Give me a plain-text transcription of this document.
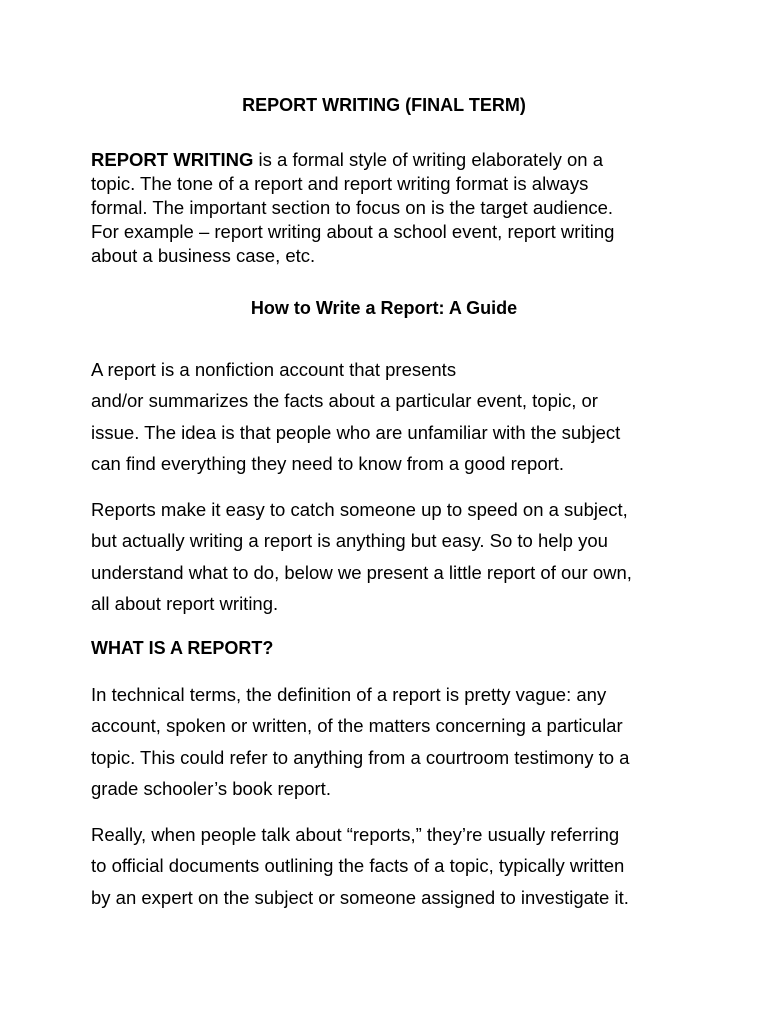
REPORT WRITING (FINAL TERM)
REPORT WRITING is a formal style of writing elaborately on a
topic. The tone of a report and report writing format is always
formal. The important section to focus on is the target audience.
For example – report writing about a school event, report writing
about a business case, etc.
How to Write a Report: A Guide
A report is a nonfiction account that presents
and/or summarizes the facts about a particular event, topic, or
issue. The idea is that people who are unfamiliar with the subject
can find everything they need to know from a good report.
Reports make it easy to catch someone up to speed on a subject,
but actually writing a report is anything but easy. So to help you
understand what to do, below we present a little report of our own,
all about report writing.
WHAT IS A REPORT?
In technical terms, the definition of a report is pretty vague: any
account, spoken or written, of the matters concerning a particular
topic. This could refer to anything from a courtroom testimony to a
grade schooler’s book report.
Really, when people talk about “reports,” they’re usually referring
to official documents outlining the facts of a topic, typically written
by an expert on the subject or someone assigned to investigate it.
